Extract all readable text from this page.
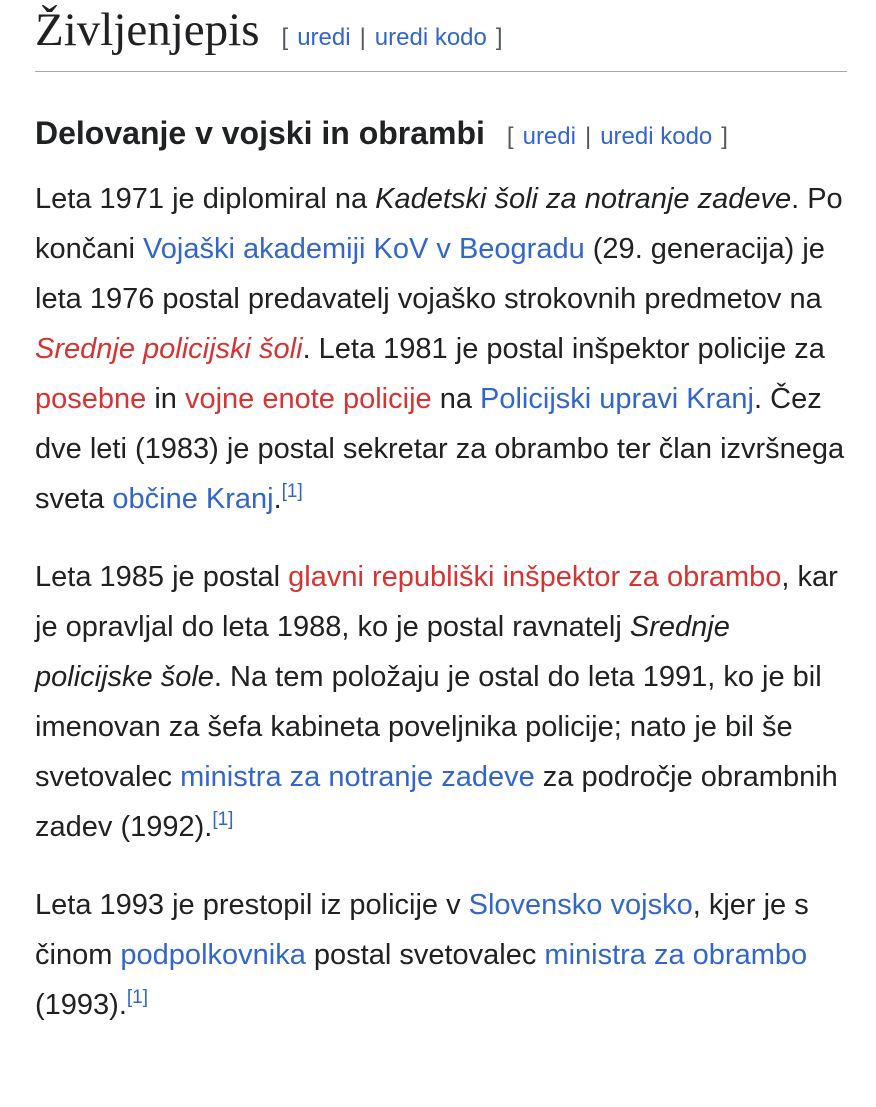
Življenjepis [ uredi | uredi kodo ]
Delovanje v vojski in obrambi [ uredi | uredi kodo ]

Leta 1971 je diplomiral na Kadetski šoli za notranje zadeve. Po končani Vojaški akademiji KoV v Beogradu (29. generacija) je leta 1976 postal predavatelj vojaško strokovnih predmetov na Srednje policijski šoli. Leta 1981 je postal inšpektor policije za posebne in vojne enote policije na Policijski upravi Kranj. Čez dve leti (1983) je postal sekretar za obrambo ter član izvršnega sveta občine Kranj.[1]

Leta 1985 je postal glavni republiški inšpektor za obrambo, kar je opravljal do leta 1988, ko je postal ravnatelj Srednje policijske šole. Na tem položaju je ostal do leta 1991, ko je bil imenovan za šefa kabineta poveljnika policije; nato je bil še svetovalec ministra za notranje zadeve za področje obrambnih zadev (1992).[1]

Leta 1993 je prestopil iz policije v Slovensko vojsko, kjer je s činom podpolkovnika postal svetovalec ministra za obrambo (1993).[1]
